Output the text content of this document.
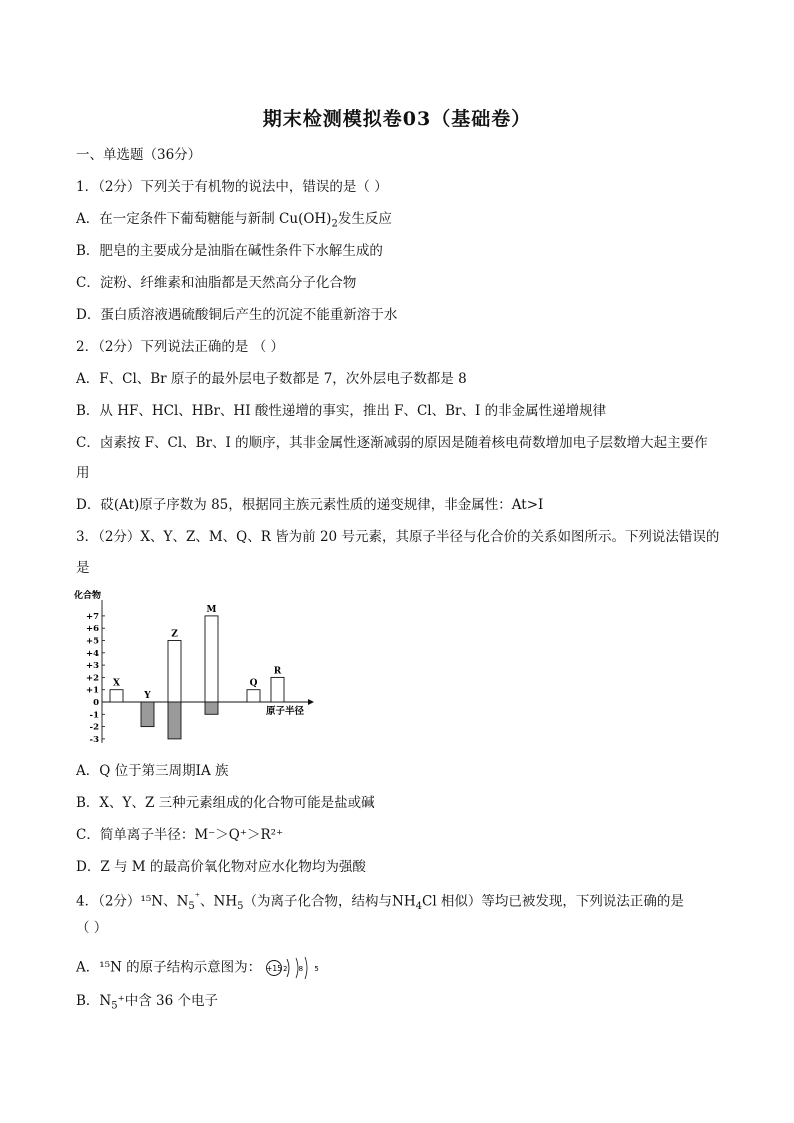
期末检测模拟卷03（基础卷）
一、单选题（36分）
1．（2分）下列关于有机物的说法中，错误的是（ ）
A．在一定条件下葡萄糖能与新制 $Cu(OH)_2$发生反应
B．肥皂的主要成分是油脂在碱性条件下水解生成的
C．淀粉、纤维素和油脂都是天然高分子化合物
D．蛋白质溶液遇硫酸铜后产生的沉淀不能重新溶于水
2．（2分）下列说法正确的是 （ ）
A．F、Cl、Br 原子的最外层电子数都是 7，次外层电子数都是 8
B．从 HF、HCl、HBr、HI 酸性递增的事实，推出 F、Cl、Br、I 的非金属性递增规律
C．卤素按 F、Cl、Br、I 的顺序，其非金属性逐渐减弱的原因是随着核电荷数增加电子层数增大起主要作
用
D．砹(At)原子序数为 85，根据同主族元素性质的递变规律，非金属性：At>I
3．（2分）X、Y、Z、M、Q、R 皆为前 20 号元素，其原子半径与化合价的关系如图所示。下列说法错误的
是
化合物
+7
+6
+5
+4
+3
+2
+1
0
-1
-2
-3
原子半径
X
Y
Z
M
Q
R
A．Q 位于第三周期ⅠA 族
B．X、Y、Z 三种元素组成的化合物可能是盐或碱
C．简单离子半径：M⁻＞Q⁺＞R²⁺
D．Z 与 M 的最高价氧化物对应水化物均为强酸
4．（2分）¹⁵N、$N_5^{^+}$、$NH_5$（为离子化合物，结构与$NH_4Cl$ 相似）等均已被发现，下列说法正确的是
（ ）
A．¹⁵N 的原子结构示意图为： +15 2 8 5
B．$N_5^+$中含 36 个电子
